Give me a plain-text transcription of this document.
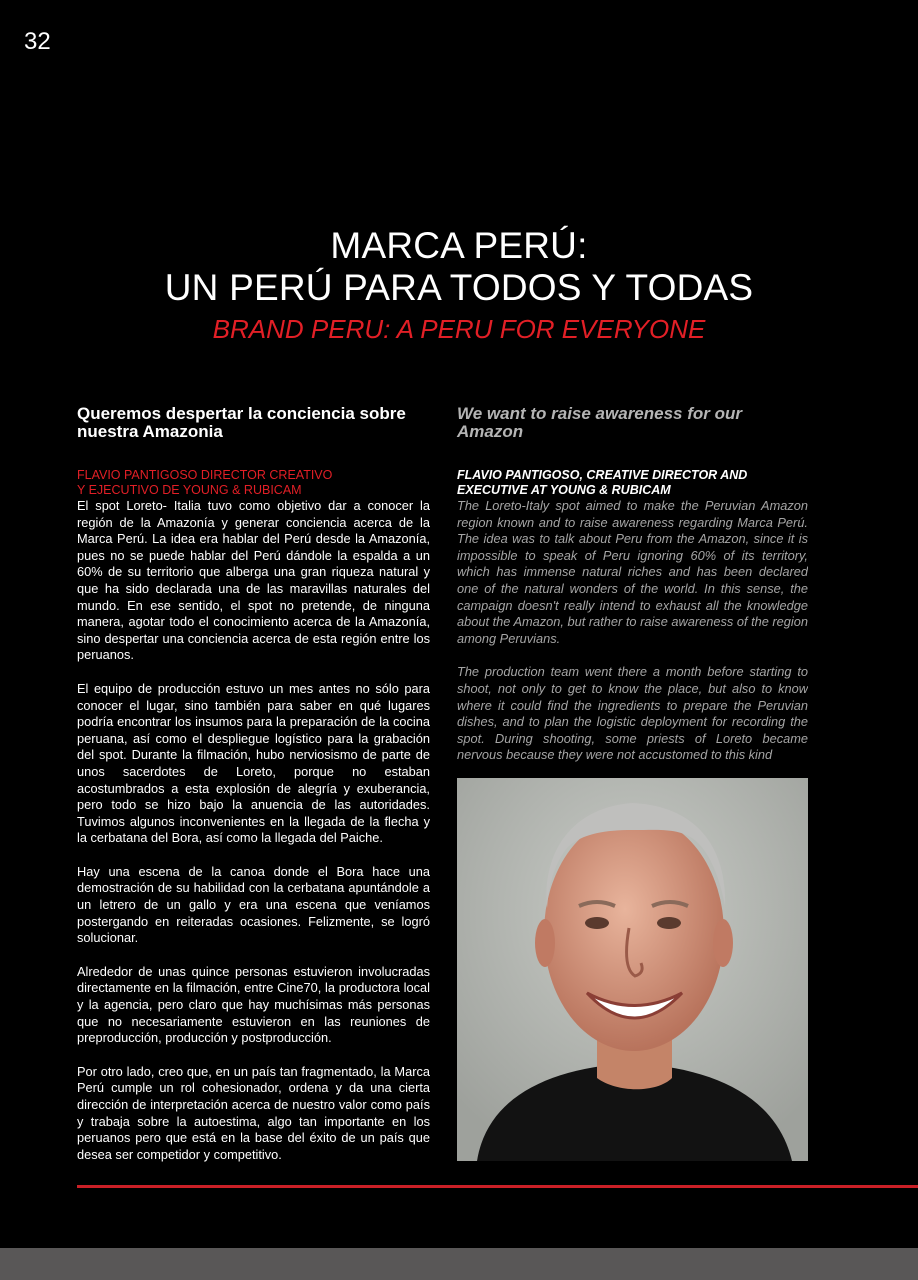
32
MARCA PERÚ:
UN PERÚ PARA TODOS Y TODAS
BRAND PERU: A PERU FOR EVERYONE
Queremos despertar la conciencia sobre nuestra Amazonia
FLAVIO PANTIGOSO DIRECTOR CREATIVO
Y EJECUTIVO DE YOUNG & RUBICAM

El spot Loreto- Italia tuvo como objetivo dar a conocer la región de la Amazonía y generar conciencia acerca de la Marca Perú. La idea era hablar del Perú desde la Amazonía, pues no se puede hablar del Perú dándole la espalda a un 60% de su territorio que alberga una gran riqueza natural y que ha sido declarada una de las maravillas naturales del mundo. En ese sentido, el spot no pretende, de ninguna manera, agotar todo el conocimiento acerca de la Amazonía, sino despertar una conciencia acerca de esta región entre los peruanos.

El equipo de producción estuvo un mes antes no sólo para conocer el lugar, sino también para saber en qué lugares podría encontrar los insumos para la preparación de la cocina peruana, así como el despliegue logístico para la grabación del spot. Durante la filmación, hubo nerviosismo de parte de unos sacerdotes de Loreto, porque no estaban acostumbrados a esta explosión de alegría y exuberancia, pero todo se hizo bajo la anuencia de las autoridades. Tuvimos algunos inconvenientes en la llegada de la flecha y la cerbatana del Bora, así como la llegada del Paiche.

Hay una escena de la canoa donde el Bora hace una demostración de su habilidad con la cerbatana apuntándole a un letrero de un gallo y era una escena que veníamos postergando en reiteradas ocasiones. Felizmente, se logró solucionar.

Alrededor de unas quince personas estuvieron involucradas directamente en la filmación, entre Cine70, la productora local y la agencia, pero claro que hay muchísimas más personas que no necesariamente estuvieron en las reuniones de preproducción, producción y postproducción.

Por otro lado, creo que, en un país tan fragmentado, la Marca Perú cumple un rol cohesionador, ordena y da una cierta dirección de interpretación acerca de nuestro valor como país y trabaja sobre la autoestima, algo tan importante en los peruanos pero que está en la base del éxito de un país que desea ser competidor y competitivo.

We want to raise awareness for our Amazon
FLAVIO PANTIGOSO, CREATIVE DIRECTOR AND EXECUTIVE AT YOUNG & RUBICAM

The Loreto-Italy spot aimed to make the Peruvian Amazon region known and to raise awareness regarding Marca Perú. The idea was to talk about Peru from the Amazon, since it is impossible to speak of Peru ignoring 60% of its territory, which has immense natural riches and has been declared one of the natural wonders of the world. In this sense, the campaign doesn't really intend to exhaust all the knowledge about the Amazon, but rather to raise awareness of the region among Peruvians.

The production team went there a month before starting to shoot, not only to get to know the place, but also to know where it could find the ingredients to prepare the Peruvian dishes, and to plan the logistic deployment for recording the spot. During shooting, some priests of Loreto became nervous because they were not accustomed to this kind
